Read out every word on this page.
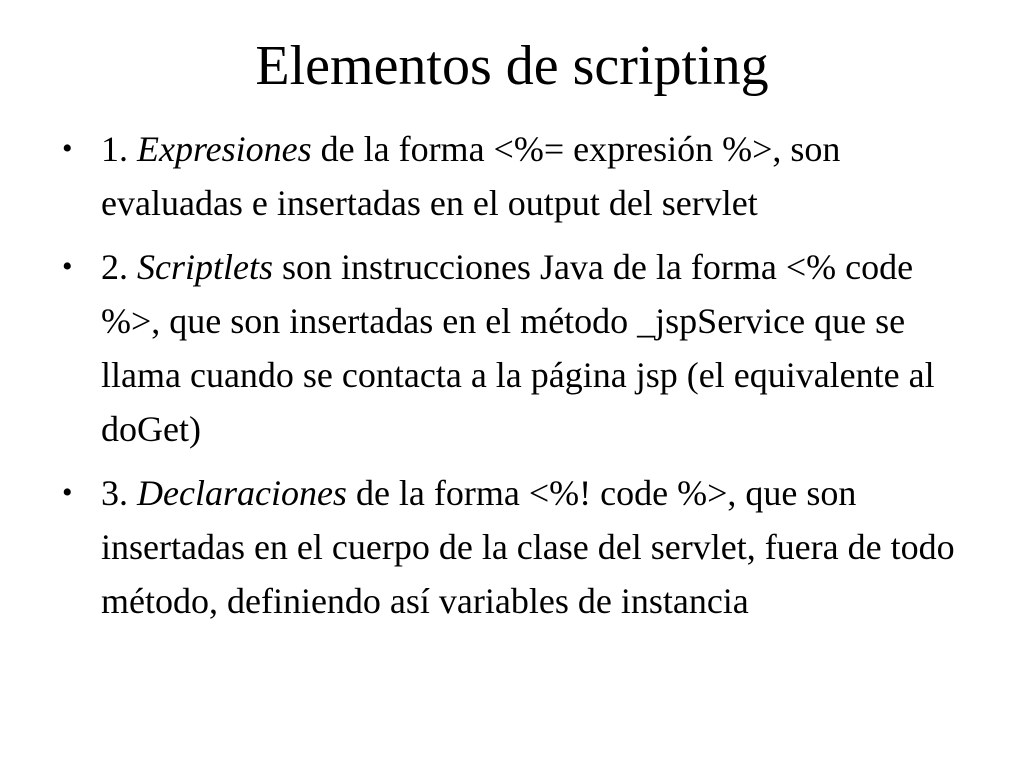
Elementos de scripting
• 1. Expresiones de la forma <%= expresión %>, son evaluadas e insertadas en el output del servlet
• 2. Scriptlets son instrucciones Java de la forma <% code %>, que son insertadas en el método _jspService que se llama cuando se contacta a la página jsp (el equivalente al doGet)
• 3. Declaraciones de la forma <%! code %>, que son insertadas en el cuerpo de la clase del servlet, fuera de todo método, definiendo así variables de instancia
